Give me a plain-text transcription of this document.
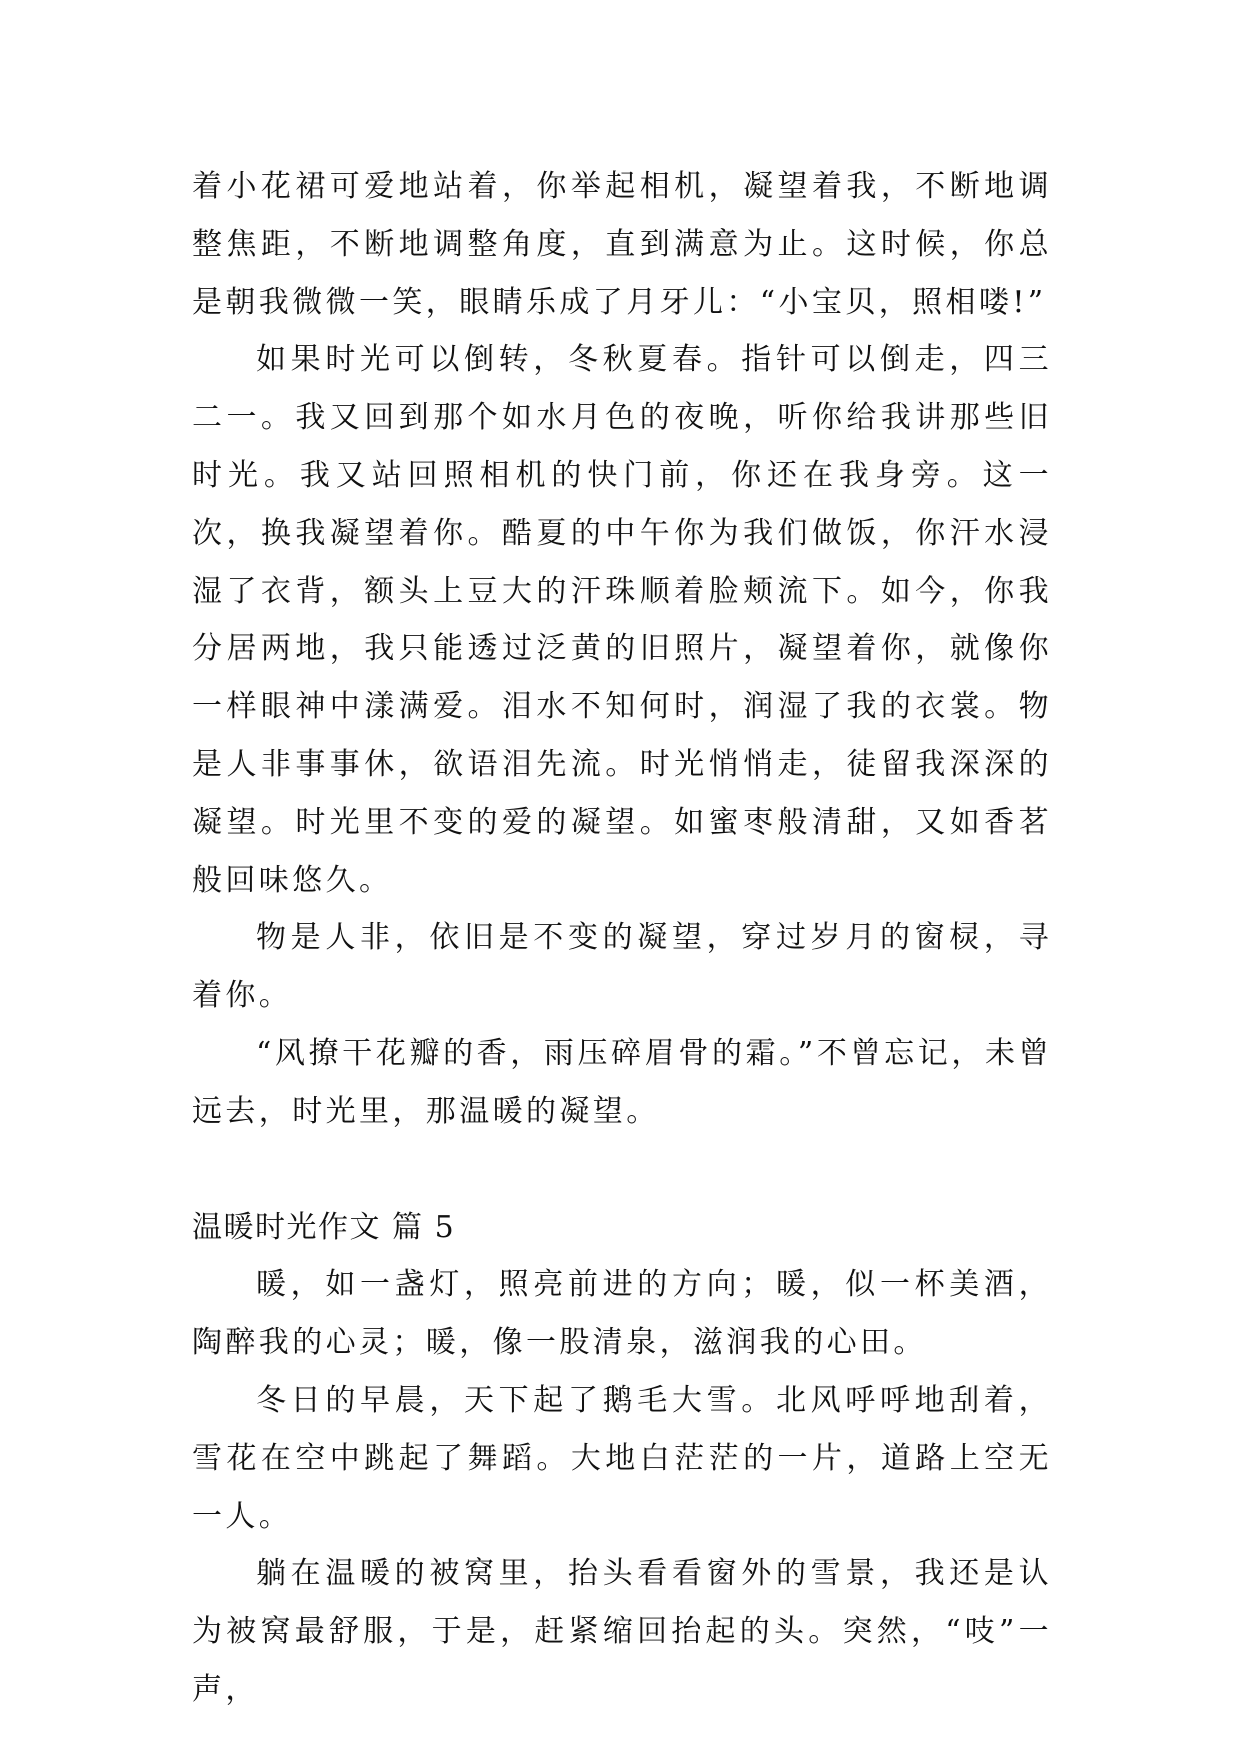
着小花裙可爱地站着，你举起相机，凝望着我，不断地调整焦距，不断地调整角度，直到满意为止。这时候，你总是朝我微微一笑，眼睛乐成了月牙儿：“小宝贝，照相喽!”

如果时光可以倒转，冬秋夏春。指针可以倒走，四三二一。我又回到那个如水月色的夜晚，听你给我讲那些旧时光。我又站回照相机的快门前，你还在我身旁。这一次，换我凝望着你。酷夏的中午你为我们做饭，你汗水浸湿了衣背，额头上豆大的汗珠顺着脸颊流下。如今，你我分居两地，我只能透过泛黄的旧照片，凝望着你，就像你一样眼神中漾满爱。泪水不知何时，润湿了我的衣裳。物是人非事事休，欲语泪先流。时光悄悄走，徒留我深深的凝望。时光里不变的爱的凝望。如蜜枣般清甜，又如香茗般回味悠久。

物是人非，依旧是不变的凝望，穿过岁月的窗棂，寻着你。

“风撩干花瓣的香，雨压碎眉骨的霜。”不曾忘记，未曾远去，时光里，那温暖的凝望。

温暖时光作文 篇 5

暖，如一盏灯，照亮前进的方向；暖，似一杯美酒，陶醉我的心灵；暖，像一股清泉，滋润我的心田。

冬日的早晨，天下起了鹅毛大雪。北风呼呼地刮着，雪花在空中跳起了舞蹈。大地白茫茫的一片，道路上空无一人。

躺在温暖的被窝里，抬头看看窗外的雪景，我还是认为被窝最舒服，于是，赶紧缩回抬起的头。突然，“吱”一声，
